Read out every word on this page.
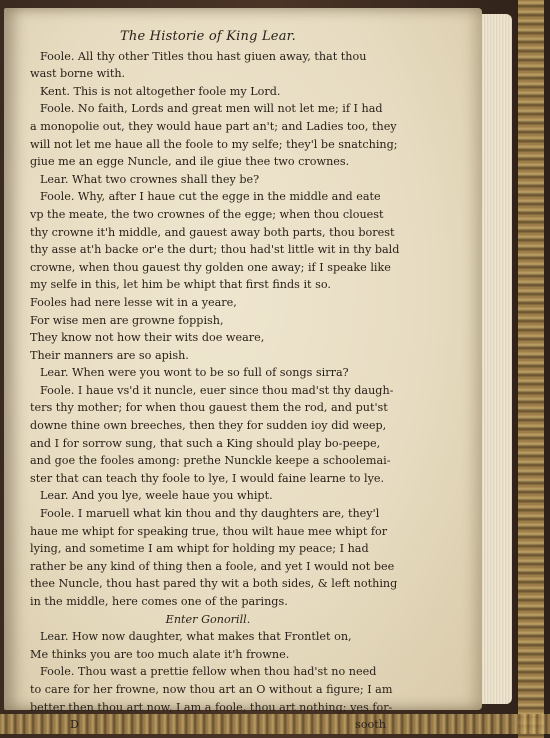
The Historie of King Lear.
Foole. All thy other Titles thou hast giuen away, that thou
wast borne with.
Kent. This is not altogether foole my Lord.
Foole. No faith, Lords and great men will not let me; if I had
a monopolie out, they would haue part an't; and Ladies too, they
will not let me haue all the foole to my selfe; they'l be snatching;
giue me an egge Nuncle, and ile giue thee two crownes.
Lear. What two crownes shall they be?
Foole. Why, after I haue cut the egge in the middle and eate
vp the meate, the two crownes of the egge; when thou clouest
thy crowne it'h middle, and gauest away both parts, thou borest
thy asse at'h backe or'e the durt; thou had'st little wit in thy bald
crowne, when thou gauest thy golden one away; if I speake like
my selfe in this, let him be whipt that first finds it so.
Fooles had nere lesse wit in a yeare,
For wise men are growne foppish,
They know not how their wits doe weare,
Their manners are so apish.
Lear. When were you wont to be so full of songs sirra?
Foole. I haue vs'd it nuncle, euer since thou mad'st thy daugh-
ters thy mother; for when thou gauest them the rod, and put'st
downe thine own breeches, then they for sudden ioy did weep,
and I for sorrow sung, that such a King should play bo-peepe,
and goe the fooles among: prethe Nunckle keepe a schoolemai-
ster that can teach thy foole to lye, I would faine learne to lye.
Lear. And you lye, weele haue you whipt.
Foole. I maruell what kin thou and thy daughters are, they'l
haue me whipt for speaking true, thou wilt haue mee whipt for
lying, and sometime I am whipt for holding my peace; I had
rather be any kind of thing then a foole, and yet I would not bee
thee Nuncle, thou hast pared thy wit a both sides, & left nothing
in the middle, here comes one of the parings.
Enter Gonorill.
Lear. How now daughter, what makes that Frontlet on,
Me thinks you are too much alate it'h frowne.
Foole. Thou wast a prettie fellow when thou had'st no need
to care for her frowne, now thou art an O without a figure; I am
better then thou art now, I am a foole, thou art nothing; yes for-
D	sooth
